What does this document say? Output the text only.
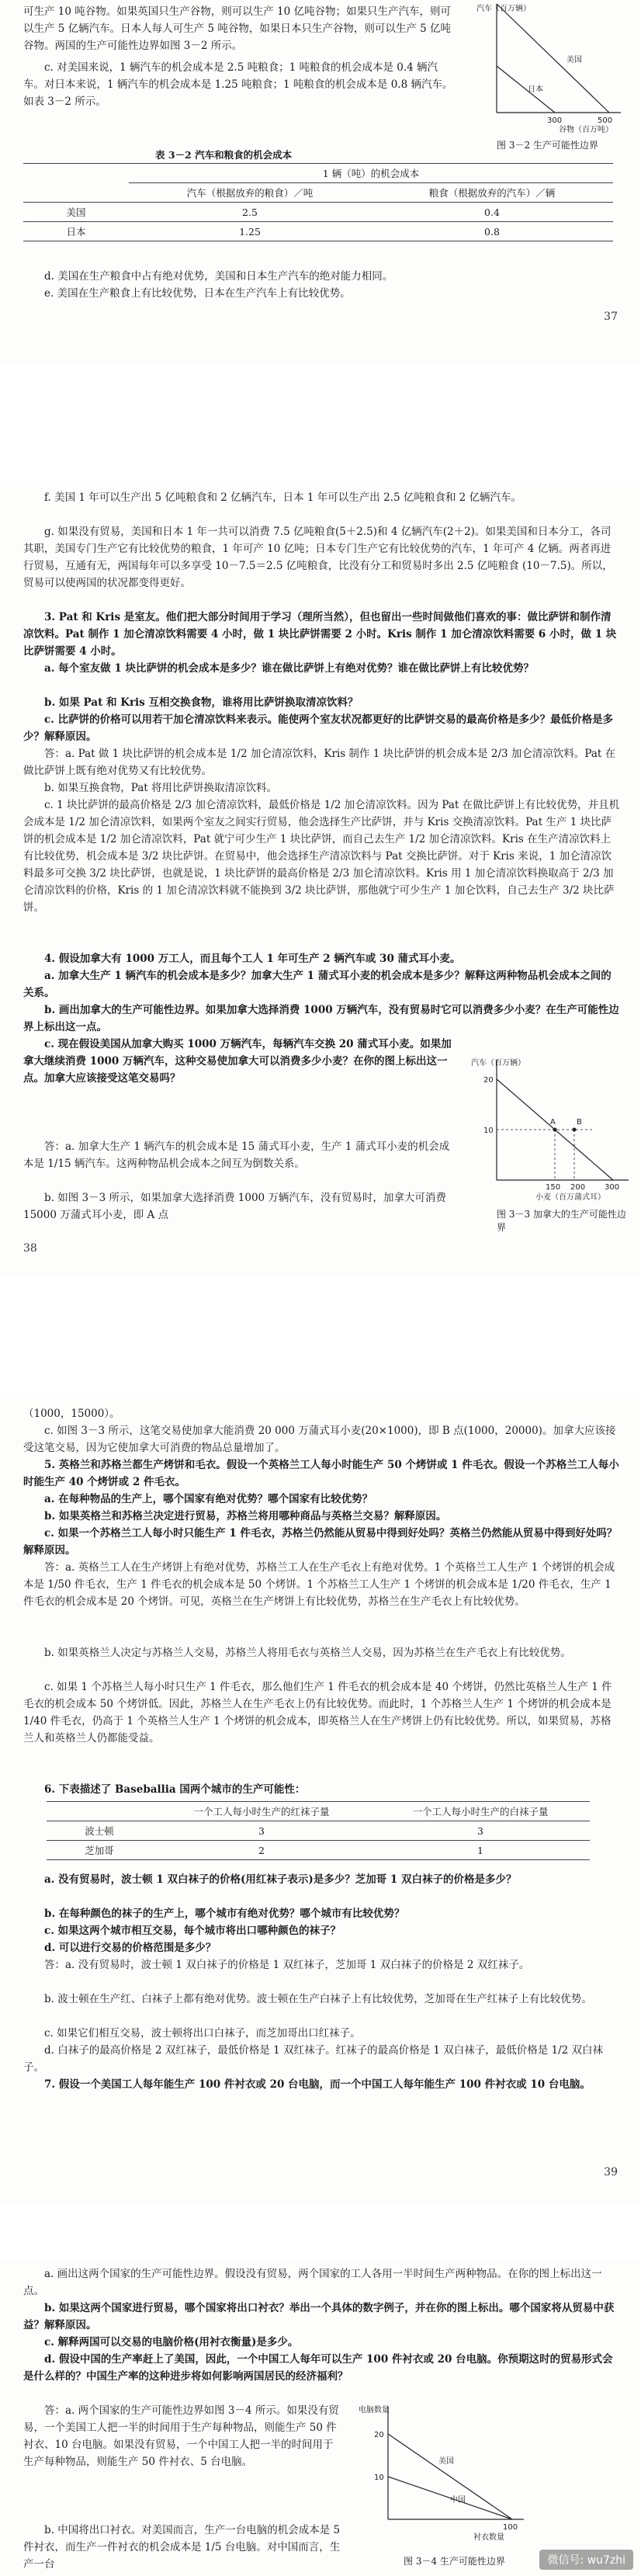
可生产 10 吨谷物。如果英国只生产谷物，则可以生产 10 亿吨谷物；如果只生产汽车，则可以生产 5 亿辆汽车。日本人每人可生产 5 吨谷物，如果日本只生产谷物，则可以生产 5 亿吨谷物。两国的生产可能性边界如图 3－2 所示。
c. 对美国来说，1 辆汽车的机会成本是 2.5 吨粮食；1 吨粮食的机会成本是 0.4 辆汽车。对日本来说，1 辆汽车的机会成本是 1.25 吨粮食；1 吨粮食的机会成本是 0.8 辆汽车。如表 3－2 所示。
汽车（百万辆）
美国
日本
300	500
谷物（百万吨）
图 3－2 生产可能性边界
表 3－2 汽车和粮食的机会成本
	1 辆（吨）的机会成本	
	汽车（根据放弃的粮食）／吨	粮食（根据放弃的汽车）／辆
美国	2.5	0.4
日本	1.25	0.8
d. 美国在生产粮食中占有绝对优势，美国和日本生产汽车的绝对能力相同。
e. 美国在生产粮食上有比较优势，日本在生产汽车上有比较优势。
37
f. 美国 1 年可以生产出 5 亿吨粮食和 2 亿辆汽车，日本 1 年可以生产出 2.5 亿吨粮食和 2 亿辆汽车。
g. 如果没有贸易，美国和日本 1 年一共可以消费 7.5 亿吨粮食(5＋2.5)和 4 亿辆汽车(2＋2)。如果美国和日本分工，各司其职，美国专门生产它有比较优势的粮食，1 年可产 10 亿吨；日本专门生产它有比较优势的汽车，1 年可产 4 亿辆。两者再进行贸易，互通有无，两国每年可以多享受 10－7.5＝2.5 亿吨粮食，比没有分工和贸易时多出 2.5 亿吨粮食 (10－7.5)。所以，贸易可以使两国的状况都变得更好。
3. Pat 和 Kris 是室友。他们把大部分时间用于学习（理所当然），但也留出一些时间做他们喜欢的事：做比萨饼和制作清凉饮料。Pat 制作 1 加仑清凉饮料需要 4 小时，做 1 块比萨饼需要 2 小时。Kris 制作 1 加仑清凉饮料需要 6 小时，做 1 块比萨饼需要 4 小时。
a. 每个室友做 1 块比萨饼的机会成本是多少？谁在做比萨饼上有绝对优势？谁在做比萨饼上有比较优势？
b. 如果 Pat 和 Kris 互相交换食物，谁将用比萨饼换取清凉饮料？
c. 比萨饼的价格可以用若干加仑清凉饮料来表示。能使两个室友状况都更好的比萨饼交易的最高价格是多少？最低价格是多少？解释原因。
答：a. Pat 做 1 块比萨饼的机会成本是 1/2 加仑清凉饮料，Kris 制作 1 块比萨饼的机会成本是 2/3 加仑清凉饮料。Pat 在做比萨饼上既有绝对优势又有比较优势。
b. 如果互换食物，Pat 将用比萨饼换取清凉饮料。
c. 1 块比萨饼的最高价格是 2/3 加仑清凉饮料，最低价格是 1/2 加仑清凉饮料。因为 Pat 在做比萨饼上有比较优势，并且机会成本是 1/2 加仑清凉饮料，如果两个室友之间实行贸易，他会选择生产比萨饼，并与 Kris 交换清凉饮料。Pat 生产 1 块比萨饼的机会成本是 1/2 加仑清凉饮料，Pat 就宁可少生产 1 块比萨饼，而自己去生产 1/2 加仑清凉饮料。Kris 在生产清凉饮料上有比较优势，机会成本是 3/2 块比萨饼。在贸易中，他会选择生产清凉饮料与 Pat 交换比萨饼。对于 Kris 来说，1 加仑清凉饮料最多可交换 3/2 块比萨饼，也就是说，1 块比萨饼的最高价格是 2/3 加仑清凉饮料。Kris 用 1 加仑清凉饮料换取高于 2/3 加仑清凉饮料的价格，Kris 的 1 加仑清凉饮料就不能换到 3/2 块比萨饼，那他就宁可少生产 1 加仑饮料，自己去生产 3/2 块比萨饼。
4. 假设加拿大有 1000 万工人，而且每个工人 1 年可生产 2 辆汽车或 30 蒲式耳小麦。
a. 加拿大生产 1 辆汽车的机会成本是多少？加拿大生产 1 蒲式耳小麦的机会成本是多少？解释这两种物品机会成本之间的关系。
b. 画出加拿大的生产可能性边界。如果加拿大选择消费 1000 万辆汽车，没有贸易时它可以消费多少小麦？在生产可能性边界上标出这一点。
c. 现在假设美国从加拿大购买 1000 万辆汽车，每辆汽车交换 20 蒲式耳小麦。如果加拿大继续消费 1000 万辆汽车，这种交易使加拿大可以消费多少小麦？在你的图上标出这一点。加拿大应该接受这笔交易吗？
答：a. 加拿大生产 1 辆汽车的机会成本是 15 蒲式耳小麦，生产 1 蒲式耳小麦的机会成本是 1/15 辆汽车。这两种物品机会成本之间互为倒数关系。
b. 如图 3－3 所示，如果加拿大选择消费 1000 万辆汽车，没有贸易时，加拿大可消费 15000 万蒲式耳小麦，即 A 点
汽车（百万辆）
20
10
A	B
150 200 300
小麦（百万蒲式耳）
图 3－3 加拿大的生产可能性边界
38
（1000，15000）。
c. 如图 3－3 所示，这笔交易使加拿大能消费 20 000 万蒲式耳小麦(20×1000)，即 B 点(1000，20000)。加拿大应该接受这笔交易，因为它使加拿大可消费的物品总量增加了。
5. 英格兰和苏格兰都生产烤饼和毛衣。假设一个英格兰工人每小时能生产 50 个烤饼或 1 件毛衣。假设一个苏格兰工人每小时能生产 40 个烤饼或 2 件毛衣。
a. 在每种物品的生产上，哪个国家有绝对优势？哪个国家有比较优势？
b. 如果英格兰和苏格兰决定进行贸易，苏格兰将用哪种商品与英格兰交易？解释原因。
c. 如果一个苏格兰工人每小时只能生产 1 件毛衣，苏格兰仍然能从贸易中得到好处吗？英格兰仍然能从贸易中得到好处吗？解释原因。
答：a. 英格兰工人在生产烤饼上有绝对优势，苏格兰工人在生产毛衣上有绝对优势。1 个英格兰工人生产 1 个烤饼的机会成本是 1/50 件毛衣，生产 1 件毛衣的机会成本是 50 个烤饼。1 个苏格兰工人生产 1 个烤饼的机会成本是 1/20 件毛衣，生产 1 件毛衣的机会成本是 20 个烤饼。可见，英格兰在生产烤饼上有比较优势，苏格兰在生产毛衣上有比较优势。
b. 如果英格兰人决定与苏格兰人交易，苏格兰人将用毛衣与英格兰人交易，因为苏格兰在生产毛衣上有比较优势。
c. 如果 1 个苏格兰人每小时只生产 1 件毛衣，那么他们生产 1 件毛衣的机会成本是 40 个烤饼，仍然比英格兰人生产 1 件毛衣的机会成本 50 个烤饼低。因此，苏格兰人在生产毛衣上仍有比较优势。而此时，1 个苏格兰人生产 1 个烤饼的机会成本是 1/40 件毛衣，仍高于 1 个英格兰人生产 1 个烤饼的机会成本，即英格兰人在生产烤饼上仍有比较优势。所以，如果贸易，苏格兰人和英格兰人仍都能受益。
6. 下表描述了 Baseballia 国两个城市的生产可能性：
	一个工人每小时生产的红袜子量	一个工人每小时生产的白袜子量
波士顿	3	3
芝加哥	2	1
a. 没有贸易时，波士顿 1 双白袜子的价格(用红袜子表示)是多少？芝加哥 1 双白袜子的价格是多少？
b. 在每种颜色的袜子的生产上，哪个城市有绝对优势？哪个城市有比较优势？
c. 如果这两个城市相互交易，每个城市将出口哪种颜色的袜子？
d. 可以进行交易的价格范围是多少？
答：a. 没有贸易时，波士顿 1 双白袜子的价格是 1 双红袜子，芝加哥 1 双白袜子的价格是 2 双红袜子。
b. 波士顿在生产红、白袜子上都有绝对优势。波士顿在生产白袜子上有比较优势，芝加哥在生产红袜子上有比较优势。
c. 如果它们相互交易，波士顿将出口白袜子，而芝加哥出口红袜子。
d. 白袜子的最高价格是 2 双红袜子，最低价格是 1 双红袜子。红袜子的最高价格是 1 双白袜子，最低价格是 1/2 双白袜子。
7. 假设一个美国工人每年能生产 100 件衬衣或 20 台电脑，而一个中国工人每年能生产 100 件衬衣或 10 台电脑。
39
a. 画出这两个国家的生产可能性边界。假设没有贸易，两个国家的工人各用一半时间生产两种物品。在你的图上标出这一点。
b. 如果这两个国家进行贸易，哪个国家将出口衬衣？举出一个具体的数字例子，并在你的图上标出。哪个国家将从贸易中获益？解释原因。
c. 解释两国可以交易的电脑价格(用衬衣衡量)是多少。
d. 假设中国的生产率赶上了美国，因此，一个中国工人每年可以生产 100 件衬衣或 20 台电脑。你预期这时的贸易形式会是什么样的？中国生产率的这种进步将如何影响两国居民的经济福利？
答：a. 两个国家的生产可能性边界如图 3－4 所示。如果没有贸易，一个美国工人把一半的时间用于生产每种物品，则能生产 50 件衬衣、10 台电脑。如果没有贸易，一个中国工人把一半的时间用于生产每种物品，则能生产 50 件衬衣、5 台电脑。
b. 中国将出口衬衣。对美国而言，生产一台电脑的机会成本是 5 件衬衣，而生产一件衬衣的机会成本是 1/5 台电脑。对中国而言，生产一台
电脑数量
20
10
美国
中国
100
衬衣数量
图 3－4 生产可能性边界	微信号: wu7zhi
